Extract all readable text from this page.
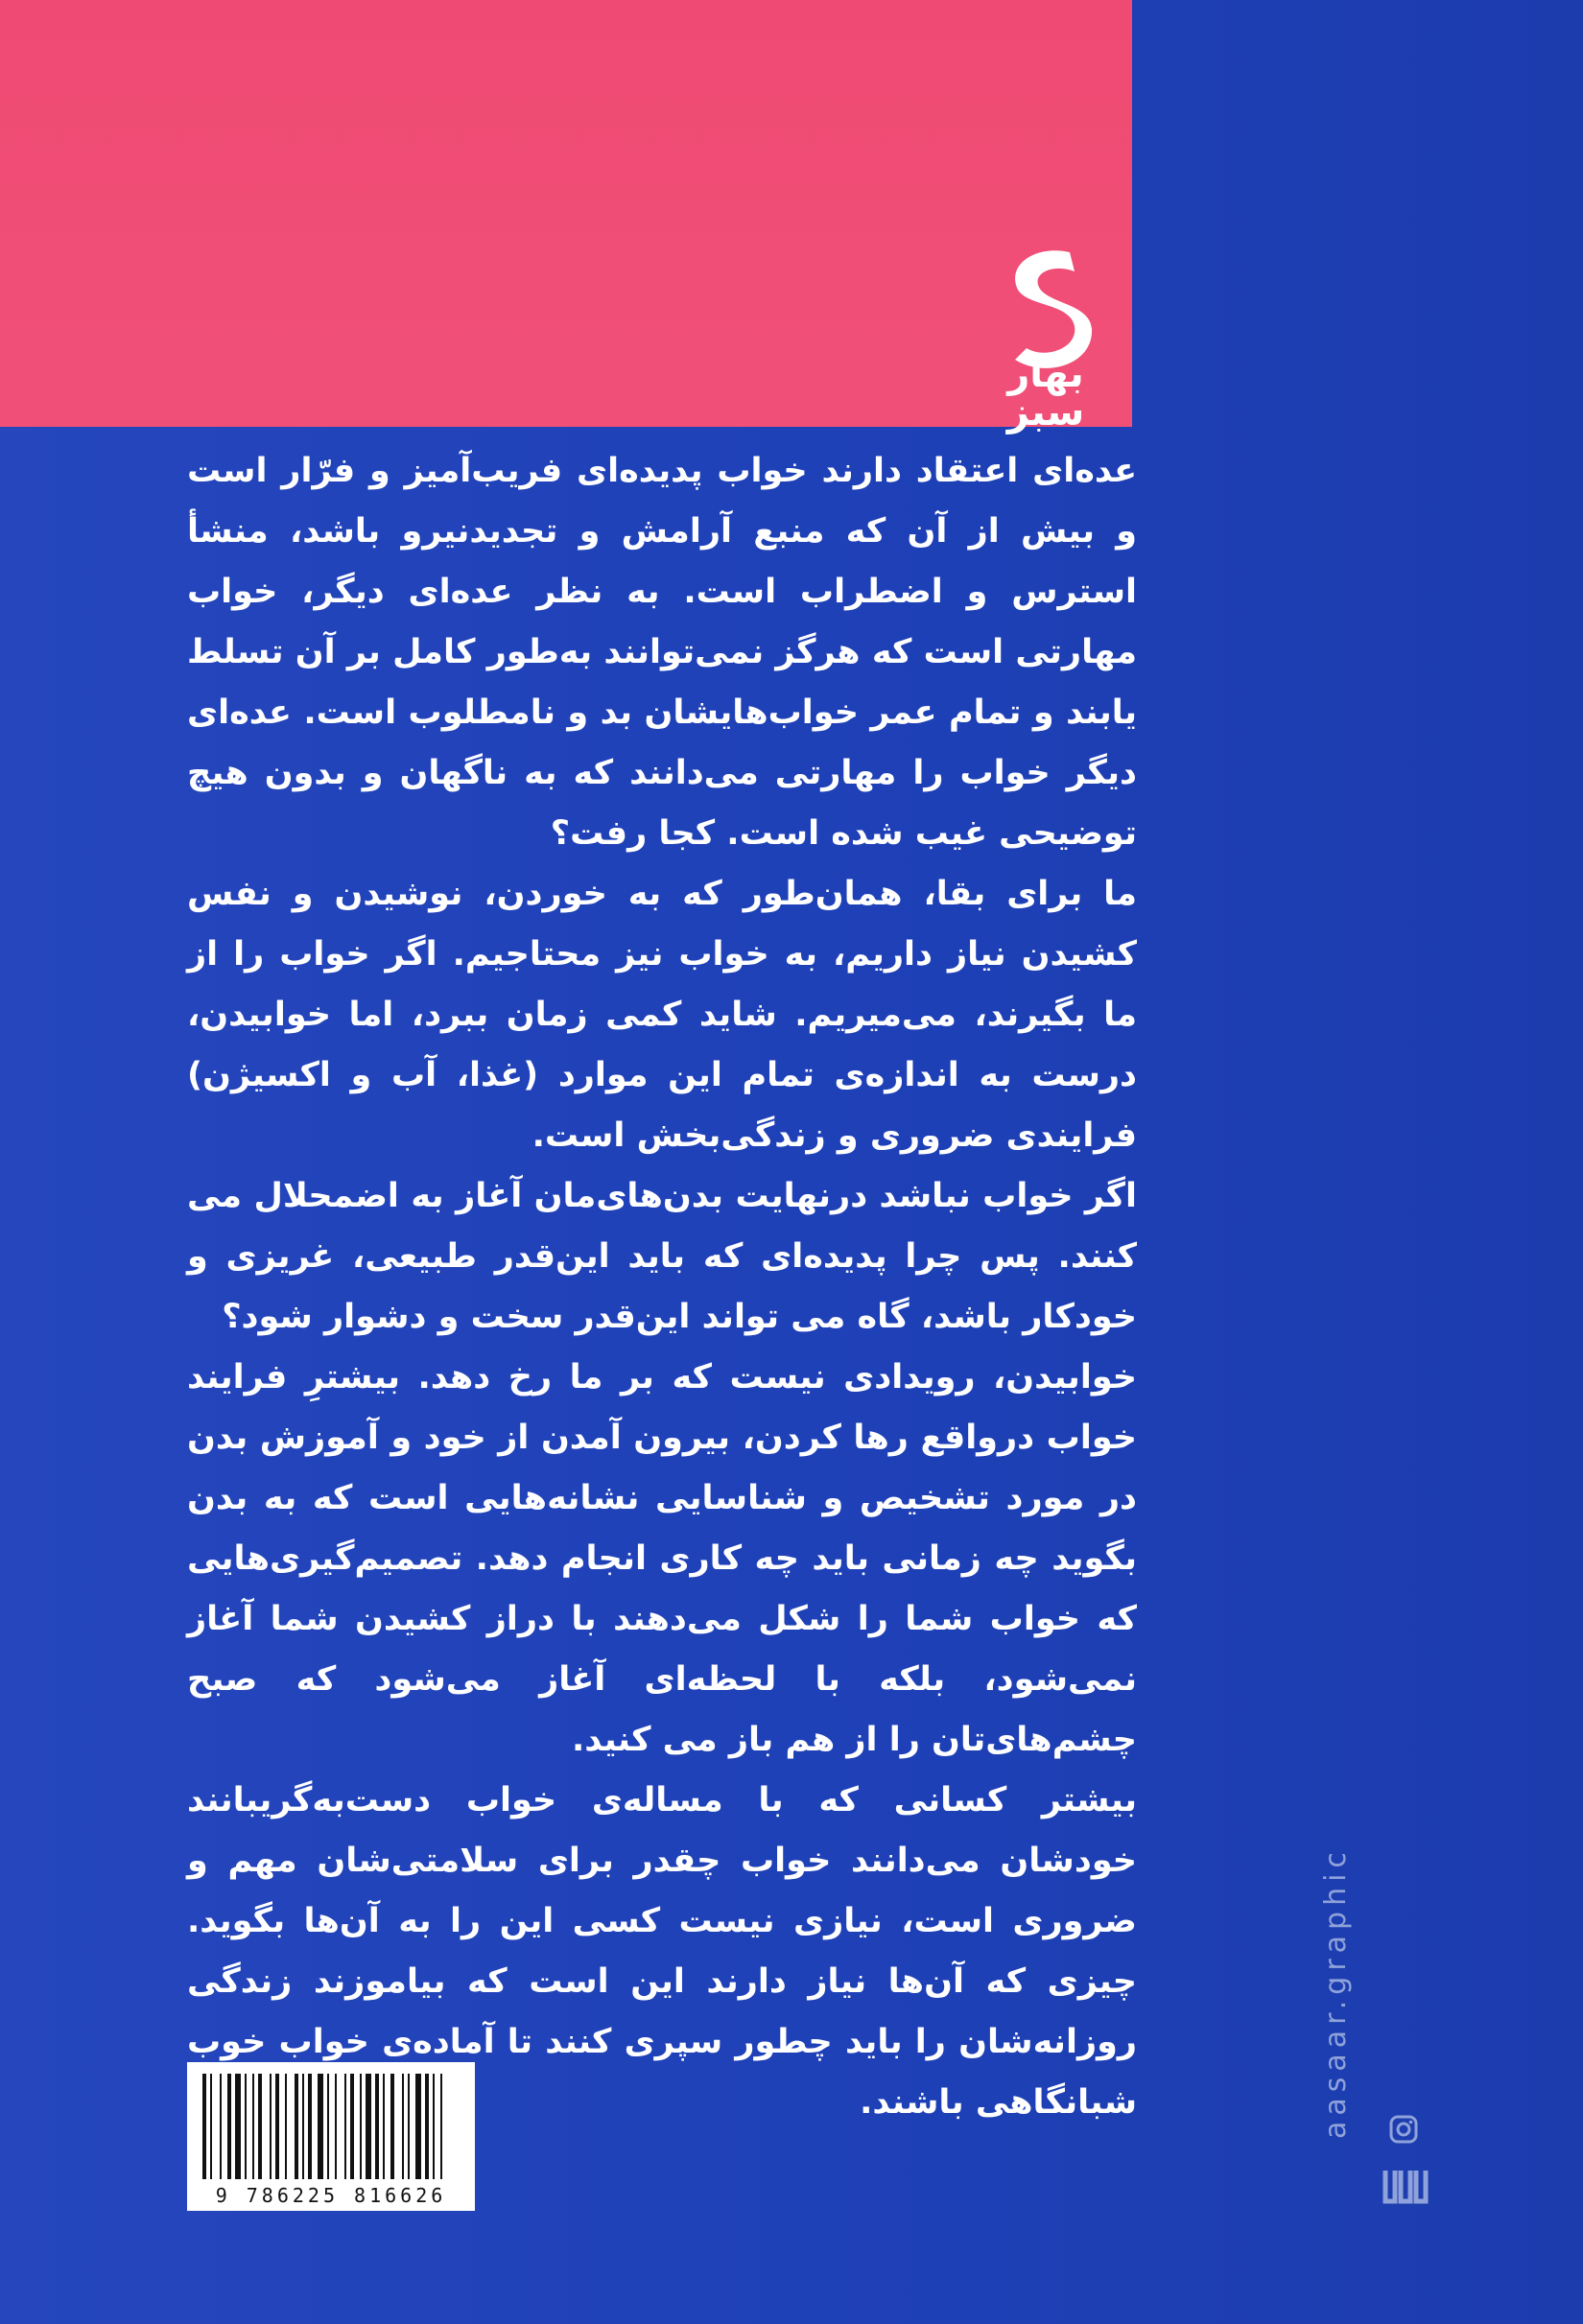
بهار سبز

عده‌ای اعتقاد دارند خواب پدیده‌ای فریب‌آمیز و فرّار است و بیش از آن که منبع آرامش و تجدیدنیرو باشد، منشأ استرس و اضطراب است. به نظر عده‌ای دیگر، خواب مهارتی است که هرگز نمی‌توانند به‌طور کامل بر آن تسلط یابند و تمام عمر خواب‌هایشان بد و نامطلوب است. عده‌ای دیگر خواب را مهارتی می‌دانند که به ناگهان و بدون هیچ توضیحی غیب شده است. کجا رفت؟

ما برای بقا، همان‌طور که به خوردن، نوشیدن و نفس کشیدن نیاز داریم، به خواب نیز محتاجیم. اگر خواب را از ما بگیرند، می‌میریم. شاید کمی زمان ببرد، اما خوابیدن، درست به اندازه‌ی تمام این موارد (غذا، آب و اکسیژن) فرایندی ضروری و زندگی‌بخش است.

اگر خواب نباشد درنهایت بدن‌های‌مان آغاز به اضمحلال می کنند. پس چرا پدیده‌ای که باید این‌قدر طبیعی، غریزی و خودکار باشد، گاه می تواند این‌قدر سخت و دشوار شود؟

خوابیدن، رویدادی نیست که بر ما رخ دهد. بیشترِ فرایند خواب درواقع رها کردن، بیرون آمدن از خود و آموزش بدن در مورد تشخیص و شناسایی نشانه‌هایی است که به بدن بگوید چه زمانی باید چه کاری انجام دهد. تصمیم‌گیری‌هایی که خواب شما را شکل می‌دهند با دراز کشیدن شما آغاز نمی‌شود، بلکه با لحظه‌ای آغاز می‌شود که صبح چشم‌های‌تان را از هم باز می کنید.

بیشتر کسانی که با مساله‌ی خواب دست‌به‌گریبانند خودشان می‌دانند خواب چقدر برای سلامتی‌شان مهم و ضروری است، نیازی نیست کسی این را به آن‌ها بگوید. چیزی که آن‌ها نیاز دارند این است که بیاموزند زندگی روزانه‌شان را باید چطور سپری کنند تا آماده‌ی خواب خوب شبانگاهی باشند.

9 786225 816626
aasaar.graphic
